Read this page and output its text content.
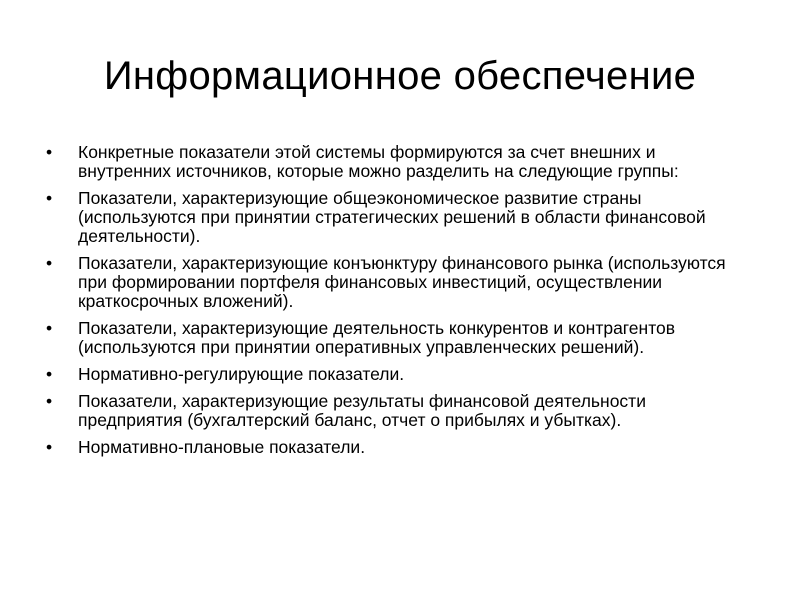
Информационное обеспечение
•	Конкретные показатели этой системы формируются за счет внешних и внутренних источников, которые можно разделить на следующие группы:
•	Показатели, характеризующие общеэкономическое развитие страны (используются при принятии стратегических решений в области финансовой деятельности).
•	Показатели, характеризующие конъюнктуру финансового рынка (используются при формировании портфеля финансовых инвестиций, осуществлении краткосрочных вложений).
•	Показатели, характеризующие деятельность конкурентов и контрагентов (используются при принятии оперативных управленческих решений).
•	Нормативно-регулирующие показатели.
•	Показатели, характеризующие результаты финансовой деятельности предприятия (бухгалтерский баланс, отчет о прибылях и убытках).
•	Нормативно-плановые показатели.
